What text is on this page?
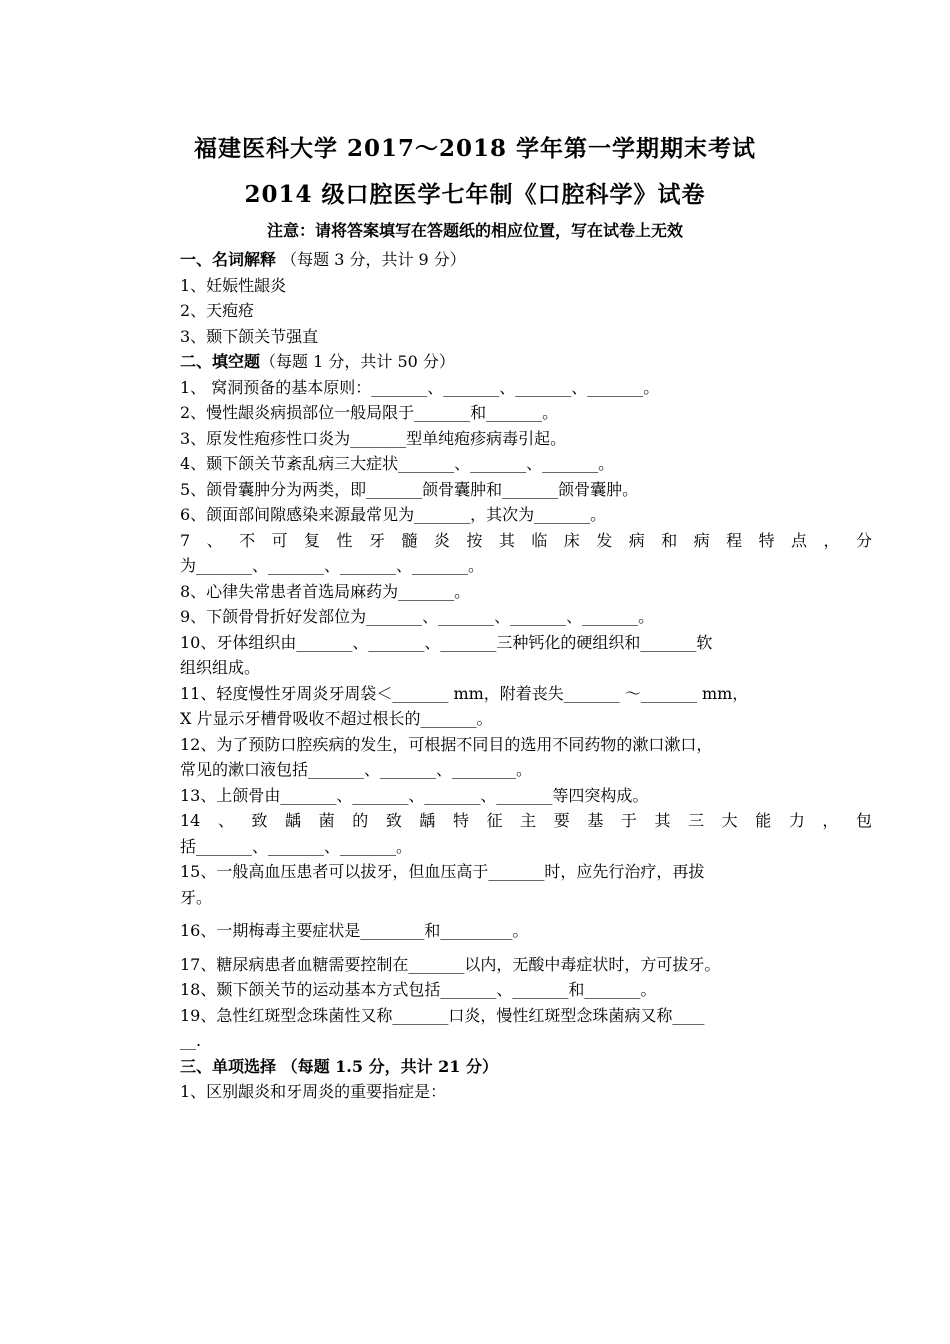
福建医科大学 2017～2018 学年第一学期期末考试
2014 级口腔医学七年制《口腔科学》试卷
注意：请将答案填写在答题纸的相应位置，写在试卷上无效
一、名词解释 （每题 3 分，共计 9 分）
1、妊娠性龈炎
2、天疱疮
3、颞下颌关节强直
二、填空题（每题 1 分，共计 50 分）
1、 窝洞预备的基本原则：_______、_______、_______、_______。
2、慢性龈炎病损部位一般局限于_______和_______。
3、原发性疱疹性口炎为_______型单纯疱疹病毒引起。
4、颞下颌关节紊乱病三大症状_______、_______、_______。
5、颌骨囊肿分为两类，即_______颌骨囊肿和_______颌骨囊肿。
6、颌面部间隙感染来源最常见为_______，其次为_______。
7、不可复性牙髓炎按其临床发病和病程特点，分
为_______、_______、_______、_______。
8、心律失常患者首选局麻药为_______。
9、下颌骨骨折好发部位为_______、_______、_______、_______。
10、牙体组织由_______、_______、_______三种钙化的硬组织和_______软
组织组成。
11、轻度慢性牙周炎牙周袋＜_______ mm，附着丧失_______ ～_______ mm，
X 片显示牙槽骨吸收不超过根长的_______。
12、为了预防口腔疾病的发生，可根据不同目的选用不同药物的漱口漱口，
常见的漱口液包括_______、_______、________。
13、上颌骨由_______、_______、_______、_______等四突构成。
14、致龋菌的致龋特征主要基于其三大能力，包
括_______、_______、_______。
15、一般高血压患者可以拔牙，但血压高于_______时，应先行治疗，再拔
牙。
16、一期梅毒主要症状是________和_________。
17、糖尿病患者血糖需要控制在_______以内，无酸中毒症状时，方可拔牙。
18、颞下颌关节的运动基本方式包括_______、_______和_______。
19、急性红斑型念珠菌性又称_______口炎，慢性红斑型念珠菌病又称____
__.
三、单项选择 （每题 1.5 分，共计 21 分）
1、区别龈炎和牙周炎的重要指症是：
